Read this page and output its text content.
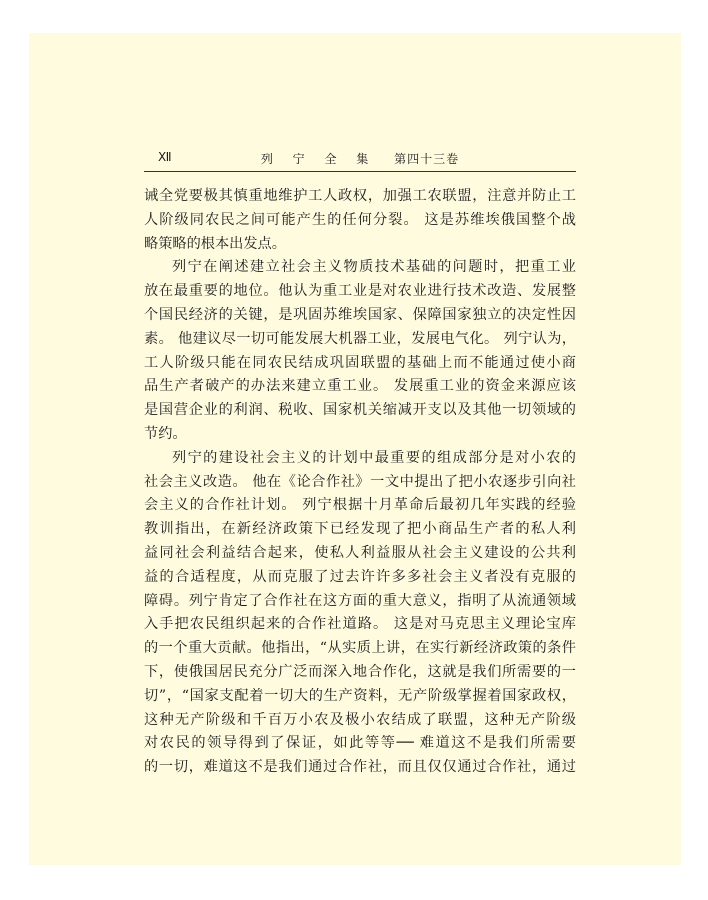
Ⅻ	列 宁 全 集 第四十三卷
诫全党要极其慎重地维护工人政权，加强工农联盟，注意并防止工
人阶级同农民之间可能产生的任何分裂。 这是苏维埃俄国整个战
略策略的根本出发点。
列宁在阐述建立社会主义物质技术基础的问题时，把重工业
放在最重要的地位。他认为重工业是对农业进行技术改造、发展整
个国民经济的关键，是巩固苏维埃国家、保障国家独立的决定性因
素。 他建议尽一切可能发展大机器工业，发展电气化。 列宁认为，
工人阶级只能在同农民结成巩固联盟的基础上而不能通过使小商
品生产者破产的办法来建立重工业。 发展重工业的资金来源应该
是国营企业的利润、税收、国家机关缩减开支以及其他一切领域的
节约。
列宁的建设社会主义的计划中最重要的组成部分是对小农的
社会主义改造。 他在《论合作社》一文中提出了把小农逐步引向社
会主义的合作社计划。 列宁根据十月革命后最初几年实践的经验
教训指出，在新经济政策下已经发现了把小商品生产者的私人利
益同社会利益结合起来，使私人利益服从社会主义建设的公共利
益的合适程度，从而克服了过去许许多多社会主义者没有克服的
障碍。列宁肯定了合作社在这方面的重大意义，指明了从流通领域
入手把农民组织起来的合作社道路。 这是对马克思主义理论宝库
的一个重大贡献。他指出，“从实质上讲，在实行新经济政策的条件
下，使俄国居民充分广泛而深入地合作化，这就是我们所需要的一
切”，“国家支配着一切大的生产资料，无产阶级掌握着国家政权，
这种无产阶级和千百万小农及极小农结成了联盟，这种无产阶级
对农民的领导得到了保证，如此等等── 难道这不是我们所需要
的一切，难道这不是我们通过合作社，而且仅仅通过合作社，通过
